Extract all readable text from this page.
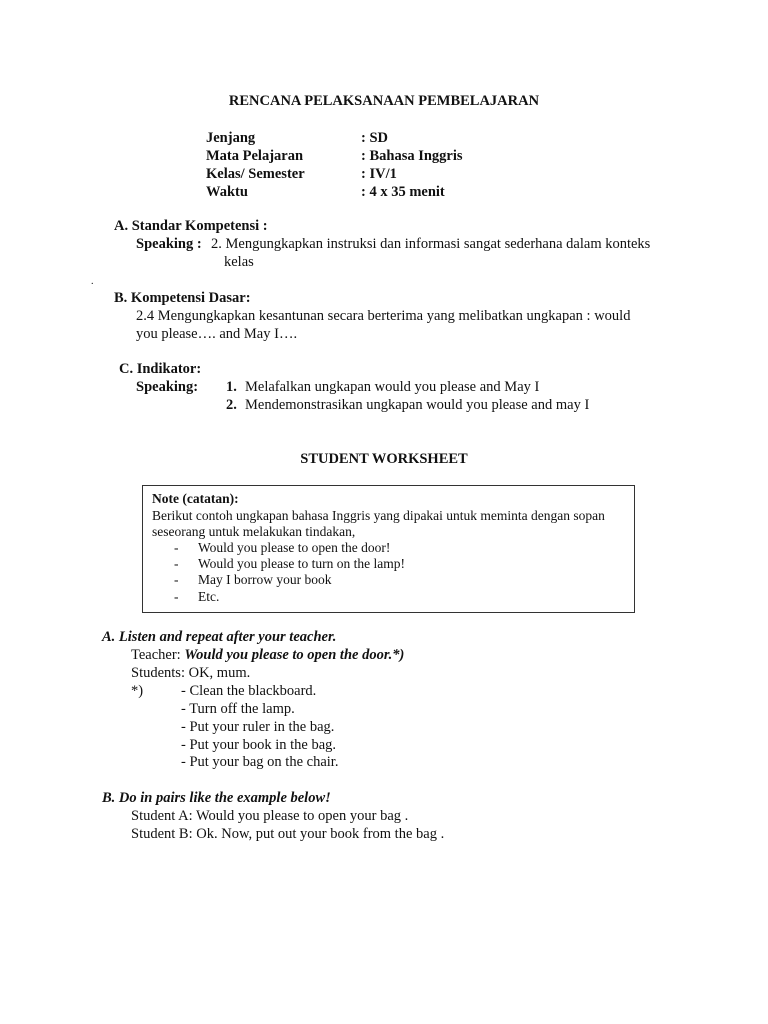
RENCANA PELAKSANAAN PEMBELAJARAN
Jenjang	: SD
Mata Pelajaran	: Bahasa Inggris
Kelas/ Semester	: IV/1
Waktu	: 4 x 35 menit
A. Standar Kompetensi :
Speaking : 2. Mengungkapkan instruksi dan informasi sangat sederhana dalam konteks
kelas
.
B. Kompetensi Dasar:
2.4 Mengungkapkan kesantunan secara berterima yang melibatkan ungkapan : would
you please…. and May I….
C. Indikator:
Speaking: 1. Melafalkan ungkapan would you please and May I
2. Mendemonstrasikan ungkapan would you please and may I
STUDENT WORKSHEET
Note (catatan):
Berikut contoh ungkapan bahasa Inggris yang dipakai untuk meminta dengan sopan
seseorang untuk melakukan tindakan,
- Would you please to open the door!
- Would you please to turn on the lamp!
- May I borrow your book
- Etc.
A. Listen and repeat after your teacher.
Teacher: Would you please to open the door.*)
Students: OK, mum.
*)	- Clean the blackboard.
- Turn off the lamp.
- Put your ruler in the bag.
- Put your book in the bag.
- Put your bag on the chair.
B. Do in pairs like the example below!
Student A: Would you please to open your bag .
Student B: Ok. Now, put out your book from the bag .
